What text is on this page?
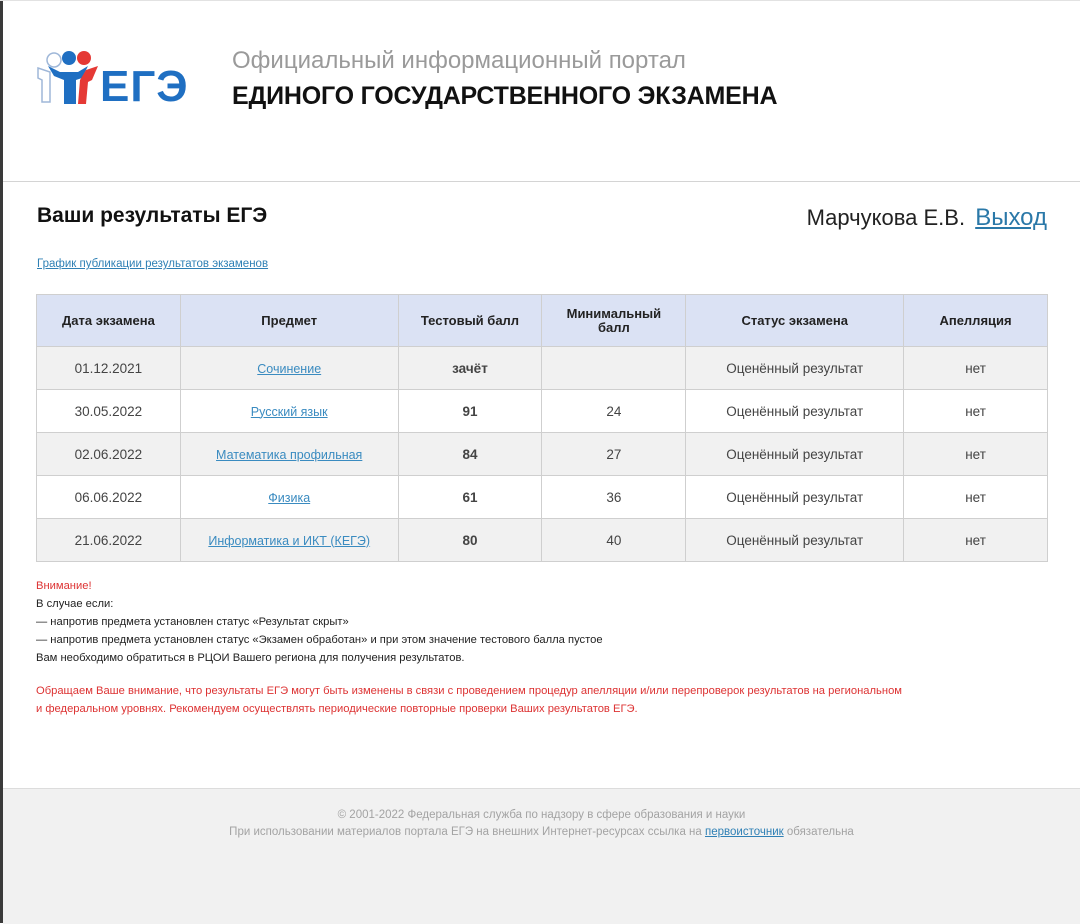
ЕГЭ
Официальный информационный портал
ЕДИНОГО ГОСУДАРСТВЕННОГО ЭКЗАМЕНА
Ваши результаты ЕГЭ	Марчукова Е.В. Выход
График публикации результатов экзаменов
Дата экзамена	Предмет	Тестовый балл	Минимальный балл	Статус экзамена	Апелляция
01.12.2021	Сочинение	зачёт		Оценённый результат	нет
30.05.2022	Русский язык	91	24	Оценённый результат	нет
02.06.2022	Математика профильная	84	27	Оценённый результат	нет
06.06.2022	Физика	61	36	Оценённый результат	нет
21.06.2022	Информатика и ИКТ (КЕГЭ)	80	40	Оценённый результат	нет
Внимание!
В случае если:
— напротив предмета установлен статус «Результат скрыт»
— напротив предмета установлен статус «Экзамен обработан» и при этом значение тестового балла пустое
Вам необходимо обратиться в РЦОИ Вашего региона для получения результатов.
Обращаем Ваше внимание, что результаты ЕГЭ могут быть изменены в связи с проведением процедур апелляции и/или перепроверок результатов на региональном
и федеральном уровнях. Рекомендуем осуществлять периодические повторные проверки Ваших результатов ЕГЭ.
© 2001-2022 Федеральная служба по надзору в сфере образования и науки
При использовании материалов портала ЕГЭ на внешних Интернет-ресурсах ссылка на первоисточник обязательна
